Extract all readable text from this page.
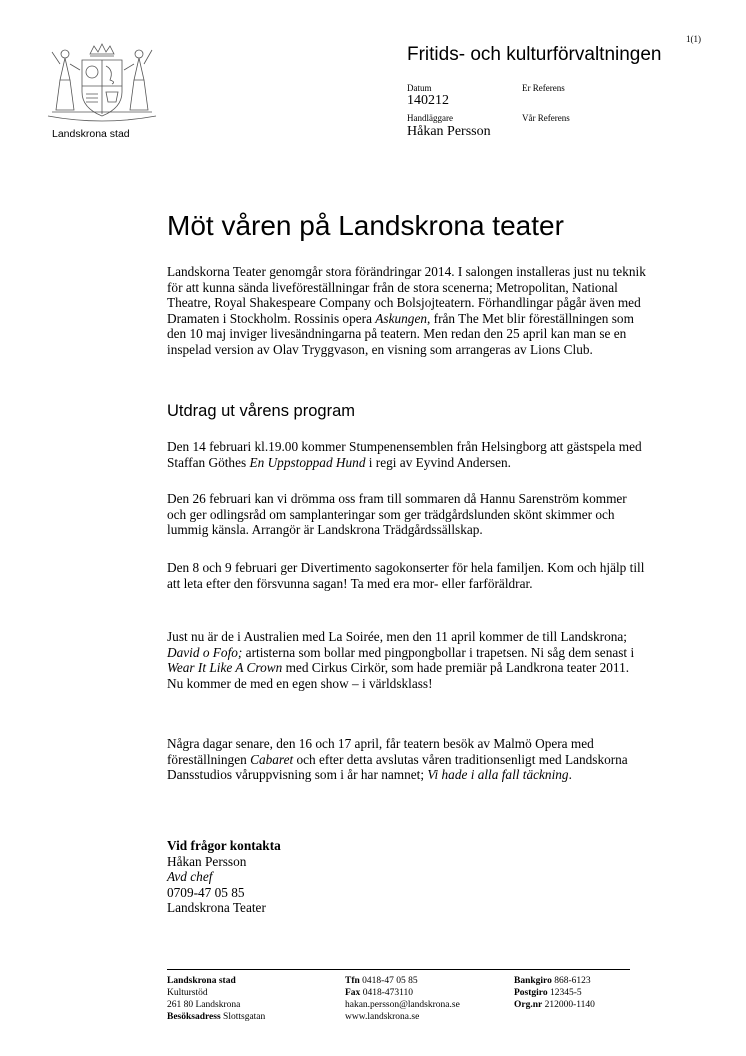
1(1)
Landskrona stad
Fritids- och kulturförvaltningen
Datum
140212
Er Referens
Handläggare
Håkan Persson
Vår Referens
Möt våren på Landskrona teater

Landskorna Teater genomgår stora förändringar 2014. I salongen installeras just nu teknik för att kunna sända liveföreställningar från de stora scenerna; Metropolitan, National Theatre, Royal Shakespeare Company och Bolsjojteatern. Förhandlingar pågår även med Dramaten i Stockholm. Rossinis opera Askungen, från The Met blir föreställningen som den 10 maj inviger livesändningarna på teatern. Men redan den 25 april kan man se en inspelad version av Olav Tryggvason, en visning som arrangeras av Lions Club.

Utdrag ut vårens program

Den 14 februari kl.19.00 kommer Stumpenensemblen från Helsingborg att gästspela med Staffan Göthes En Uppstoppad Hund i regi av Eyvind Andersen.

Den 26 februari kan vi drömma oss fram till sommaren då Hannu Sarenström kommer och ger odlingsråd om samplanteringar som ger trädgårdslunden skönt skimmer och lummig känsla. Arrangör är Landskrona Trädgårdssällskap.

Den 8 och 9 februari ger Divertimento sagokonserter för hela familjen. Kom och hjälp till att leta efter den försvunna sagan! Ta med era mor- eller farföräldrar.

Just nu är de i Australien med La Soirée, men den 11 april kommer de till Landskrona; David o Fofo; artisterna som bollar med pingpongbollar i trapetsen. Ni såg dem senast i Wear It Like A Crown med Cirkus Cirkör, som hade premiär på Landkrona teater 2011. Nu kommer de med en egen show – i världsklass!

Några dagar senare, den 16 och 17 april, får teatern besök av Malmö Opera med föreställningen Cabaret och efter detta avslutas våren traditionsenligt med Landskorna Dansstudios våruppvisning som i år har namnet; Vi hade i alla fall täckning.

Vid frågor kontakta
Håkan Persson
Avd chef
0709-47 05 85
Landskrona Teater
Landskrona stad
Kulturstöd
261 80 Landskrona
Besöksadress Slottsgatan
Tfn 0418-47 05 85
Fax 0418-473110
hakan.persson@landskrona.se
www.landskrona.se
Bankgiro 868-6123
Postgiro 12345-5
Org.nr 212000-1140
